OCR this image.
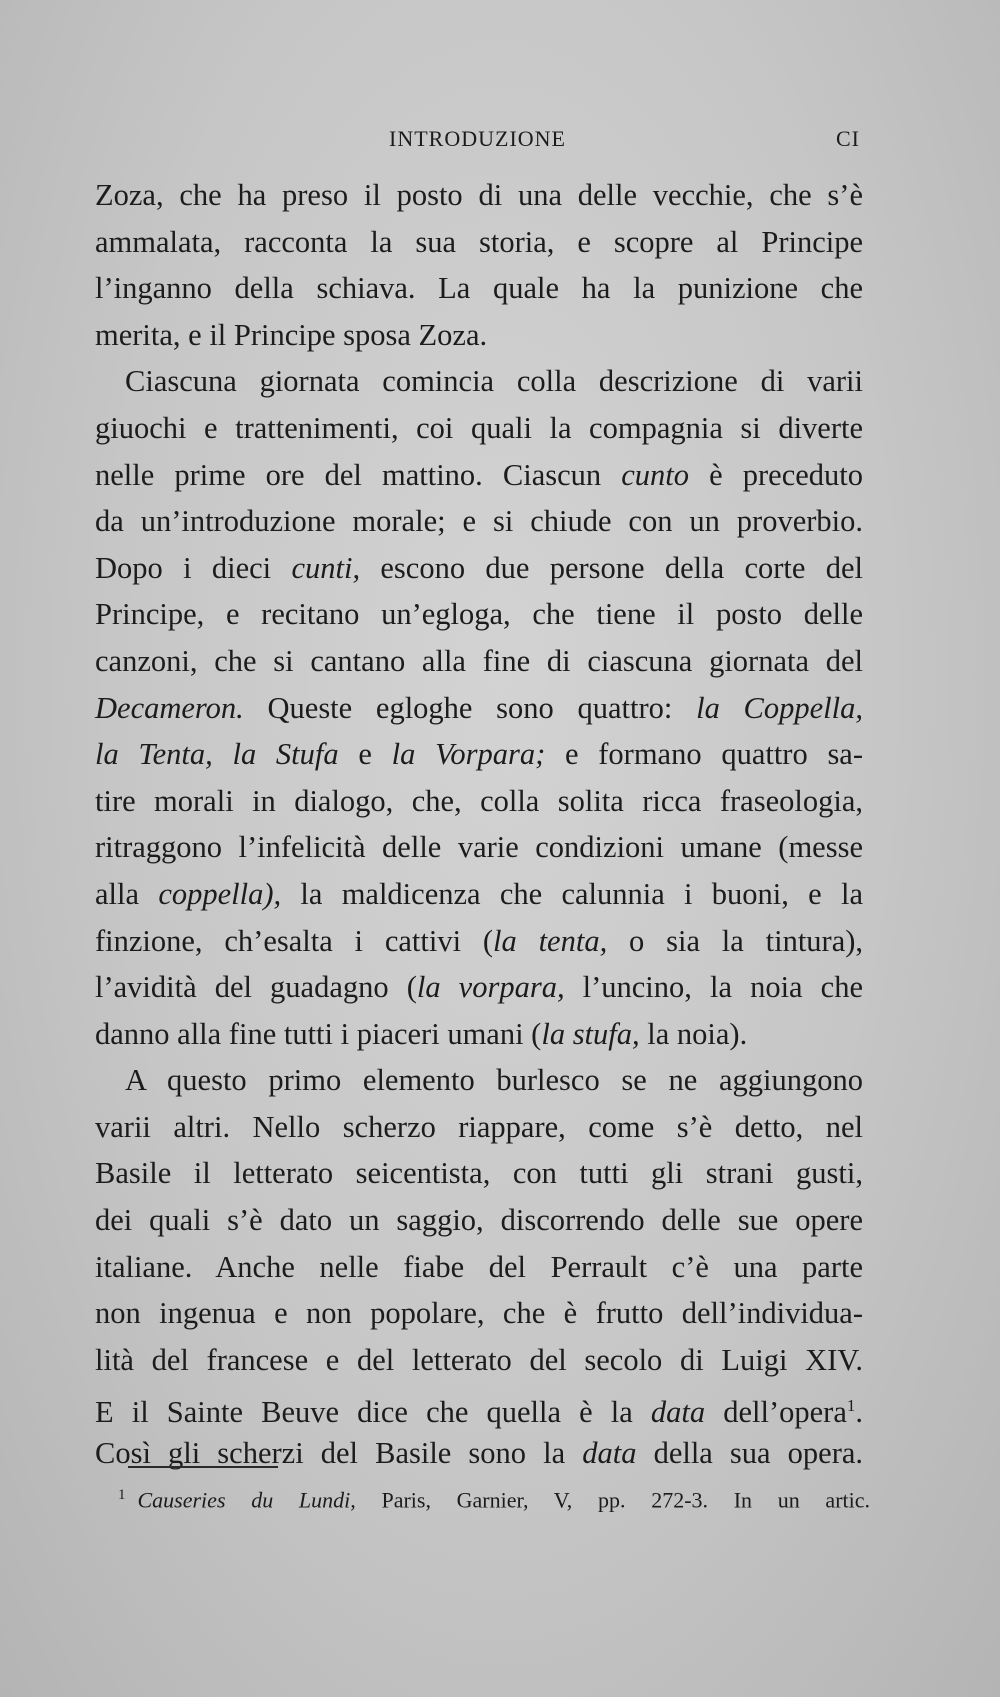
INTRODUZIONE	CI
Zoza, che ha preso il posto di una delle vecchie, che s’è
ammalata, racconta la sua storia, e scopre al Principe
l’inganno della schiava. La quale ha la punizione che
merita, e il Principe sposa Zoza.
Ciascuna giornata comincia colla descrizione di varii
giuochi e trattenimenti, coi quali la compagnia si diverte
nelle prime ore del mattino. Ciascun cunto è preceduto
da un’introduzione morale; e si chiude con un proverbio.
Dopo i dieci cunti, escono due persone della corte del
Principe, e recitano un’egloga, che tiene il posto delle
canzoni, che si cantano alla fine di ciascuna giornata del
Decameron. Queste egloghe sono quattro: la Coppella,
la Tenta, la Stufa e la Vorpara; e formano quattro sa-
tire morali in dialogo, che, colla solita ricca fraseologia,
ritraggono l’infelicità delle varie condizioni umane (messe
alla coppella), la maldicenza che calunnia i buoni, e la
finzione, ch’esalta i cattivi (la tenta, o sia la tintura),
l’avidità del guadagno (la vorpara, l’uncino, la noia che
danno alla fine tutti i piaceri umani (la stufa, la noia).
A questo primo elemento burlesco se ne aggiungono
varii altri. Nello scherzo riappare, come s’è detto, nel
Basile il letterato seicentista, con tutti gli strani gusti,
dei quali s’è dato un saggio, discorrendo delle sue opere
italiane. Anche nelle fiabe del Perrault c’è una parte
non ingenua e non popolare, che è frutto dell’individua-
lità del francese e del letterato del secolo di Luigi XIV.
E il Sainte Beuve dice che quella è la data dell’opera$^1$.
Così gli scherzi del Basile sono la data della sua opera.
$^1$ Causeries du Lundi, Paris, Garnier, V, pp. 272-3. In un artic.
